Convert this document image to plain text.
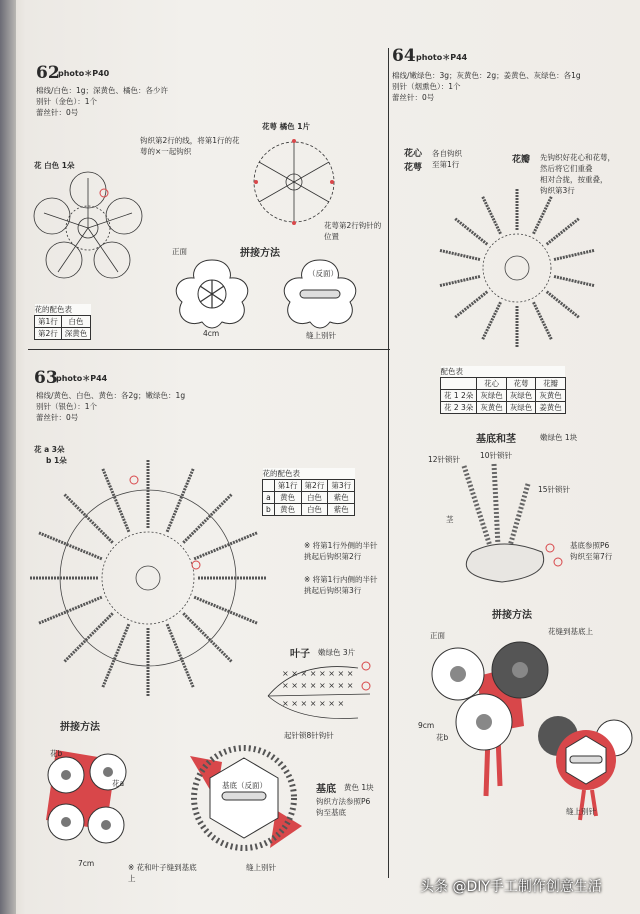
62
photo＊P40
棉线/白色：1g；深黄色、橘色：各少许
别针（金色）：1个
蕾丝针：0号
花 白色 1朵
花萼 橘色 1片
钩织第2行的线，将第1行的花萼的×一起钩织
花萼第2行钩针的位置
花的配色表	
第1行	白色
第2行	深黄色
拼接方法
正面
（反面）
4cm	缝上别针
63
photo＊P44
棉线/黄色、白色、黄色：各2g；嫩绿色：1g
别针（银色）：1个
蕾丝针：0号
花 a 3朵
b 1朵
花的配色表			
	第1行	第2行	第3行
a	黄色	白色	紫色
b	黄色	白色	紫色
※ 将第1行外侧的半针挑起后钩织第2行
※ 将第1行内侧的半针挑起后钩织第3行
叶子 嫩绿色 3片
× × × × × × × ×
× × × × × × × ×
× × × × × × ×
起针锁8针钩针
拼接方法
花b
花a
7cm	※ 花和叶子缝到基底上
基底（反面）
缝上别针
基底 黄色 1块
钩织方法参照P6
钩至基底
64 photo＊P44
棉线/嫩绿色：3g；灰黄色：2g；姜黄色、灰绿色：各1g
别针（烟熏色）：1个
蕾丝针：0号
花心
花萼
各自钩织
至第1行	花瓣 先钩织好花心和花萼，然后将它们重叠
相对合拢，按重叠，
钩织第3行
配色表			
	花心	花萼	花瓣
花 1 2朵	灰绿色	灰绿色	灰黄色
花 2 3朵	灰黄色	灰绿色	姜黄色
基底和茎	嫩绿色 1块
12针锁针	10针锁针
15针锁针
茎
基底参照P6
钩织至第7行
拼接方法
正面	花缝到基底上
9cm
花b
缝上别针
头条 @DIY手工制作创意生活
